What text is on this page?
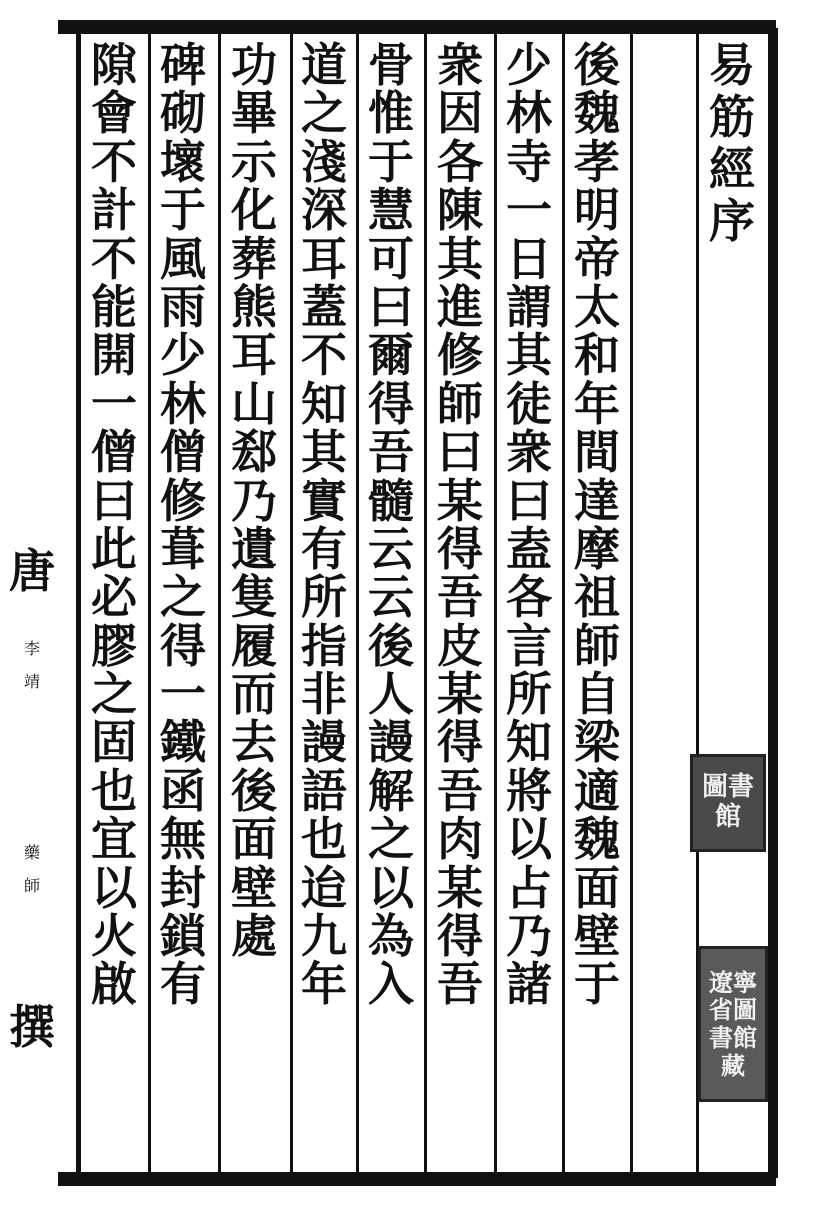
易
筋
經
序
唐
李
靖
藥
師
撰
後
魏
孝
明
帝
太
和
年
間
達
摩
祖
師
自
梁
適
魏
面
壁
于
少
林
寺
一
日
謂
其
徒
衆
曰
盍
各
言
所
知
將
以
占
乃
諸
衆
因
各
陳
其
進
修
師
曰
某
得
吾
皮
某
得
吾
肉
某
得
吾
骨
惟
于
慧
可
曰
爾
得
吾
髓
云
云
後
人
謾
解
之
以
為
入
道
之
淺
深
耳
蓋
不
知
其
實
有
所
指
非
謾
語
也
迨
九
年
功
畢
示
化
葬
熊
耳
山
郄
乃
遺
隻
履
而
去
後
面
壁
處
碑
砌
壞
于
風
雨
少
林
僧
修
葺
之
得
一
鐵
函
無
封
鎖
有
隙
會
不
計
不
能
開
一
僧
曰
此
必
膠
之
固
也
宜
以
火
啟
圖 書
館
遼 寧
省 圖
書 館
藏
